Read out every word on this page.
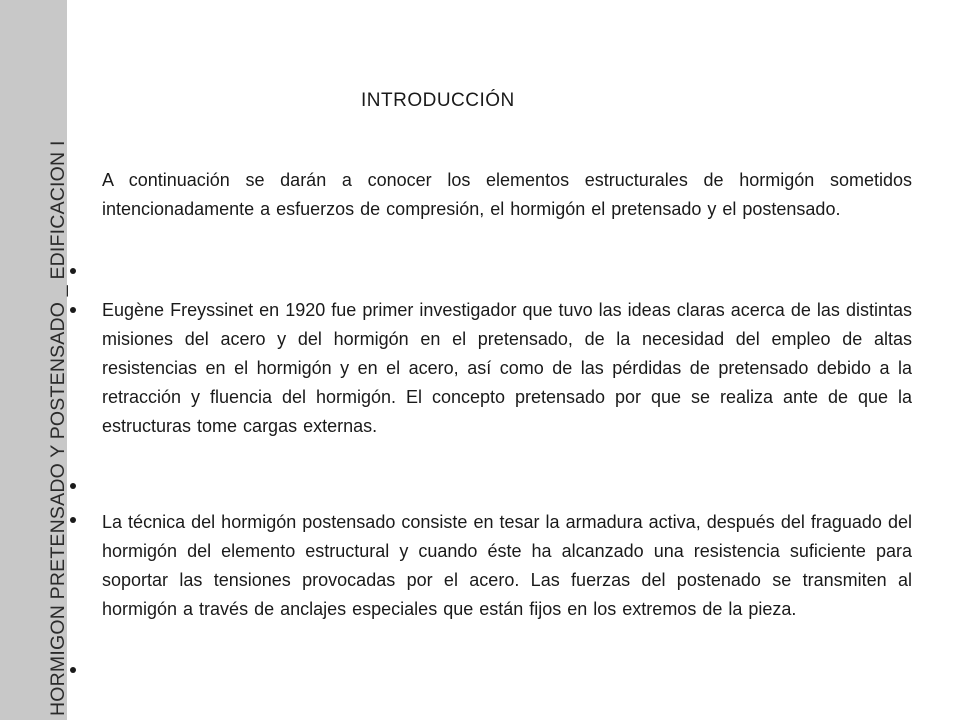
HORMIGON PRETENSADO Y POSTENSADO _ EDIFICACION I
INTRODUCCIÓN
A continuación se darán a conocer los elementos estructurales de hormigón sometidos intencionadamente a esfuerzos de compresión, el hormigón el pretensado y el postensado.
Eugène Freyssinet en 1920 fue primer investigador que tuvo las ideas claras acerca de las distintas misiones del acero y del hormigón en el pretensado, de la necesidad del empleo de altas resistencias en el hormigón y en el acero, así como de las pérdidas de pretensado debido a la retracción y fluencia del hormigón. El concepto pretensado por que se realiza ante de que la estructuras tome cargas externas.
La técnica del hormigón postensado consiste en tesar la armadura activa, después del fraguado del hormigón del elemento estructural y cuando éste ha alcanzado una resistencia suficiente para soportar las tensiones provocadas por el acero. Las fuerzas del postenado se transmiten al hormigón a través de anclajes especiales que están fijos en los extremos de la pieza.
